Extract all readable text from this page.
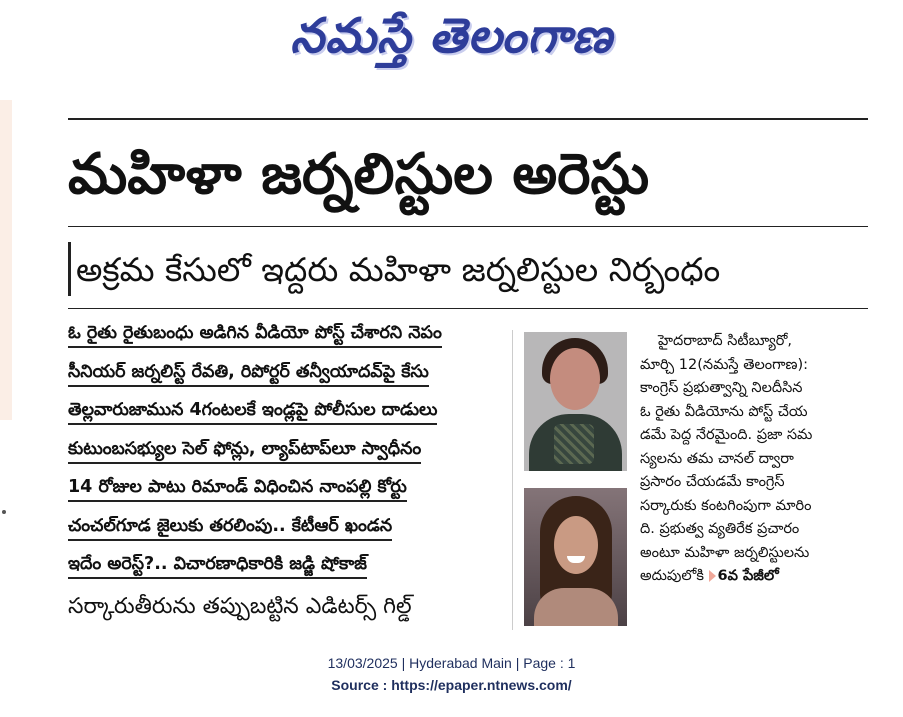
నమస్తే తెలంగాణ
మహిళా జర్నలిస్టుల అరెస్టు
అక్రమ కేసులో ఇద్దరు మహిళా జర్నలిస్టుల నిర్బంధం
ఓ రైతు రైతుబంధు అడిగిన వీడియో పోస్ట్ చేశారని నెపం
సీనియర్ జర్నలిస్ట్ రేవతి, రిపోర్టర్ తన్వీయాదవ్‌పై కేసు
తెల్లవారుజామున 4గంటలకే ఇండ్లపై పోలీసుల దాడులు
కుటుంబసభ్యుల సెల్ ఫోన్లు, ల్యాప్‌టాప్‌లూ స్వాధీనం
14 రోజుల పాటు రిమాండ్ విధించిన నాంపల్లి కోర్టు
చంచల్‌గూడ జైలుకు తరలింపు.. కేటీఆర్ ఖండన
ఇదేం అరెస్ట్?.. విచారణాధికారికి జడ్జి షోకాజ్
సర్కారుతీరును తప్పుబట్టిన ఎడిటర్స్ గిల్డ్

హైదరాబాద్ సిటీబ్యూరో,

మార్చి 12(నమస్తే తెలంగాణ):

కాంగ్రెస్ ప్రభుత్వాన్ని నిలదీసిన

ఓ రైతు వీడియోను పోస్ట్ చేయ

డమే పెద్ద నేరమైంది. ప్రజా సమ

స్యలను తమ చానల్ ద్వారా

ప్రసారం చేయడమే కాంగ్రెస్

సర్కారుకు కంటగింపుగా మారిం

ది. ప్రభుత్వ వ్యతిరేక ప్రచారం

అంటూ మహిళా జర్నలిస్టులను

అదుపులోకి 6వ పేజీలో

13/03/2025 | Hyderabad Main | Page : 1
Source : https://epaper.ntnews.com/
